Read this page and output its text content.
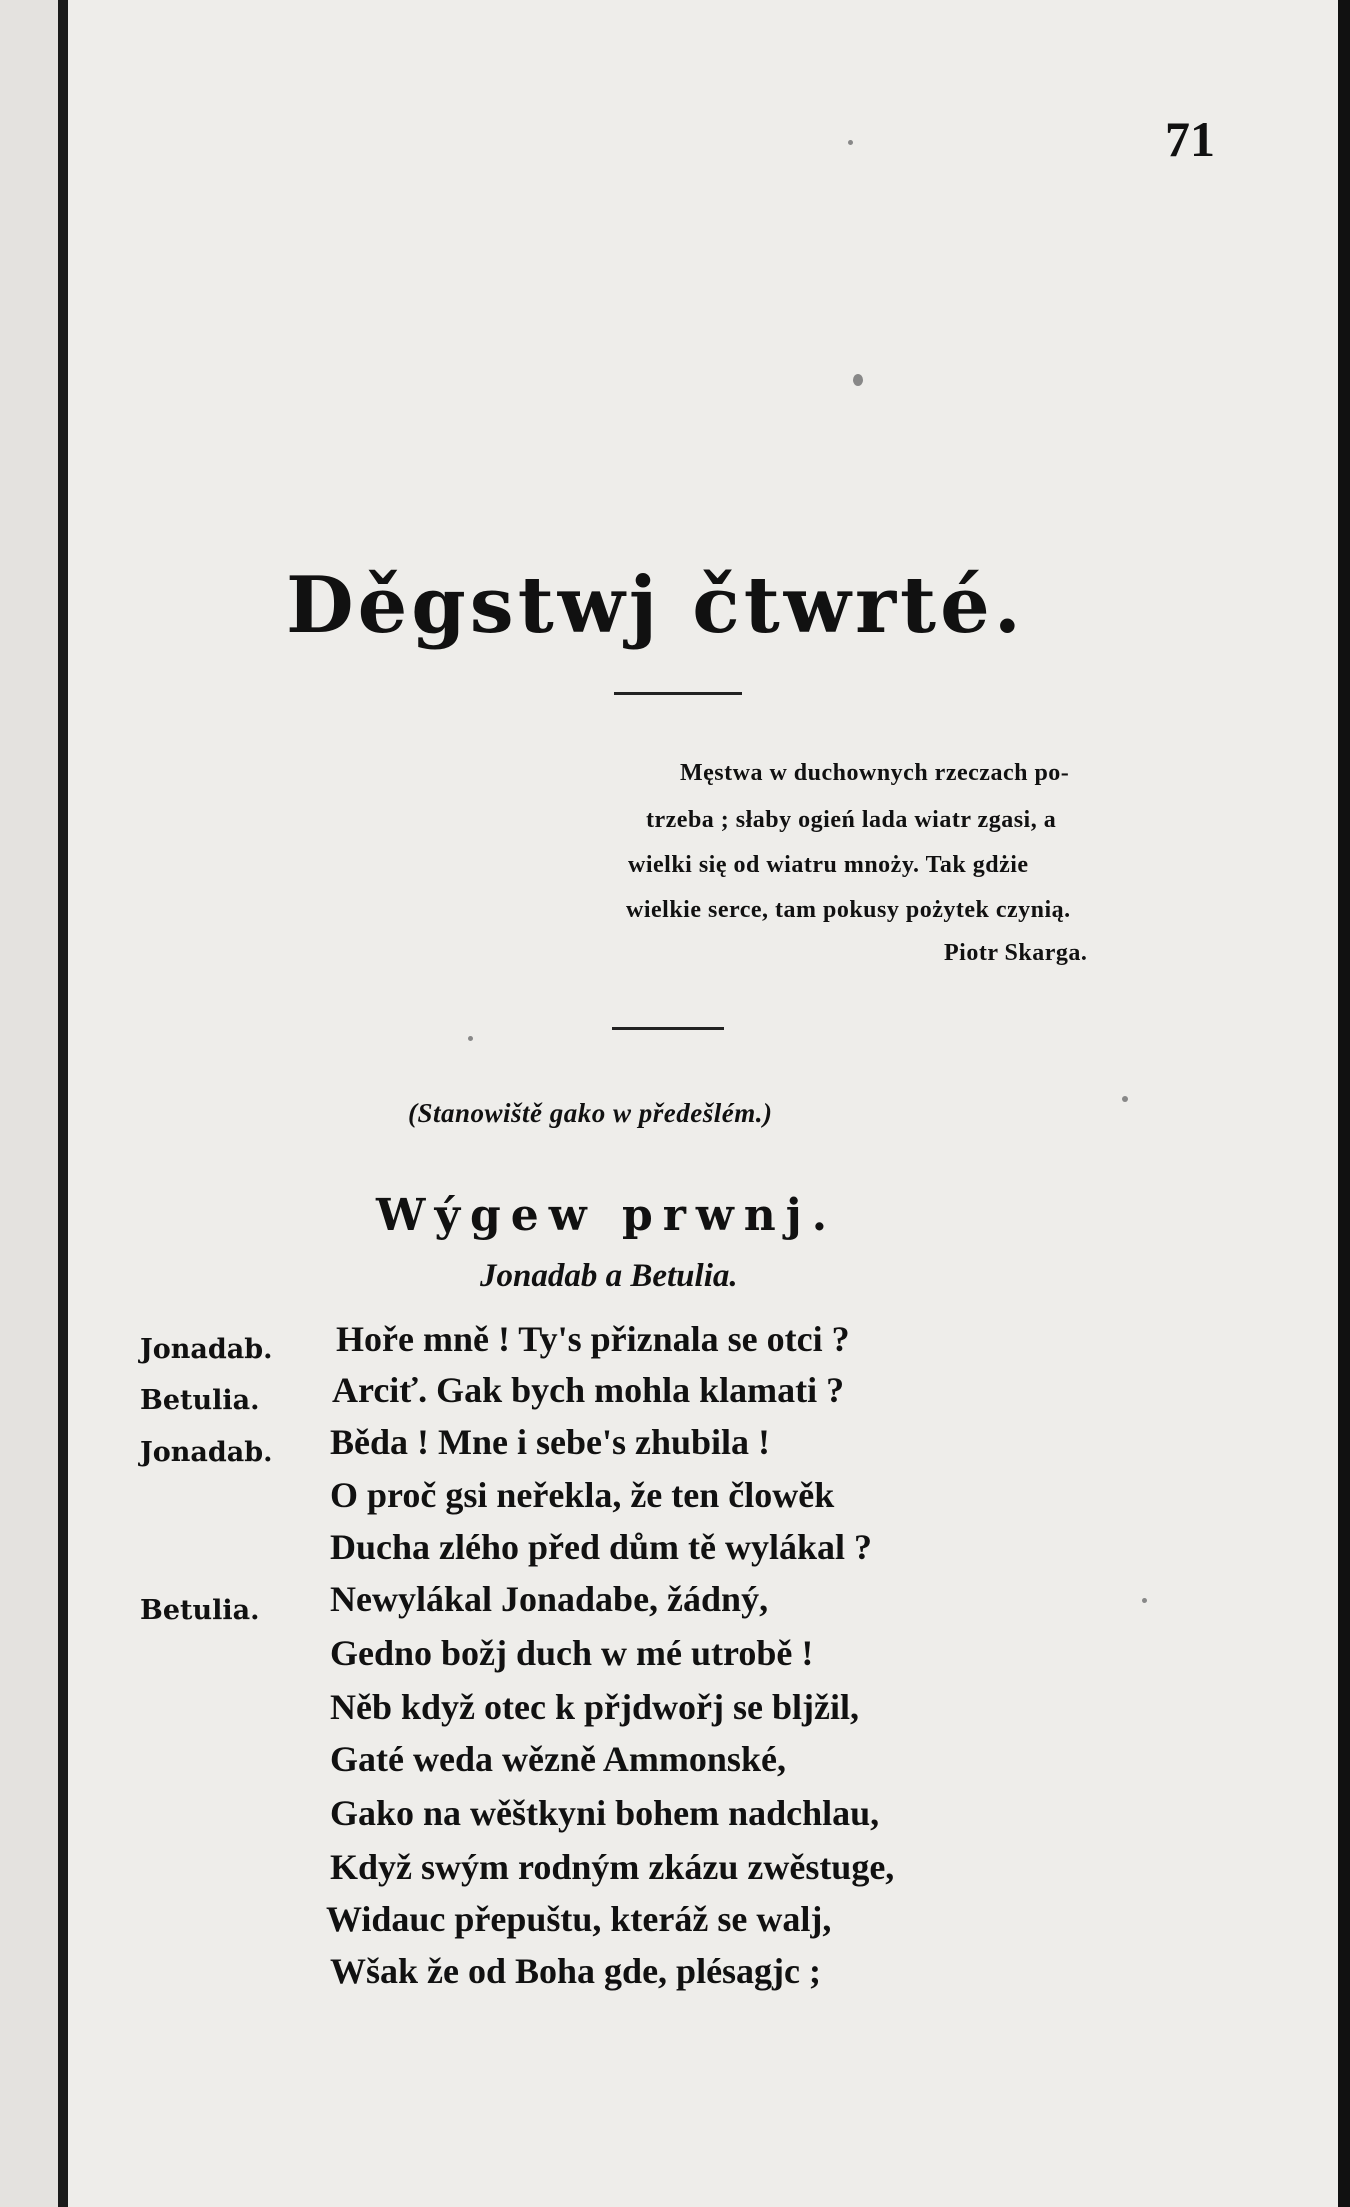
71
Děgstwj čtwrté.
Męstwa w duchownych rzeczach po-
trzeba ; słaby ogień lada wiatr zgasi, a
wielki się od wiatru mnoży. Tak gdżie
wielkie serce, tam pokusy pożytek czynią.
Piotr Skarga.
(Stanowiště gako w předešlém.)
Wýgew prwnj.
Jonadab a Betulia.
Jonadab. Hoře mně ! Ty's přiznala se otci ?
Betulia. Arciť. Gak bych mohla klamati ?
Jonadab. Běda ! Mne i sebe's zhubila !
O proč gsi neřekla, že ten člowěk
Ducha zlého před dům tě wylákal ?
Betulia. Newylákal Jonadabe, žádný,
Gedno božj duch w mé utrobě !
Něb když otec k přjdwořj se bljžil,
Gaté weda wězně Ammonské,
Gako na wěštkyni bohem nadchlau,
Když swým rodným zkázu zwěstuge,
Widauc přepuštu, kteráž se walj,
Wšak že od Boha gde, plésagjc ;
